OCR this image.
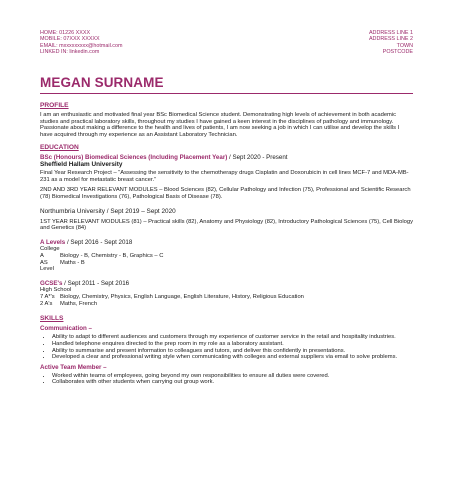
HOME: 01226 XXXX
MOBILE: 07XXX XXXXX
EMAIL: mxxxxxxxxx@hotmail.com
LINKED IN: linkedin.com
ADDRESS LINE 1
ADDRESS LINE 2
TOWN
POSTCODE
MEGAN SURNAME
PROFILE
I am an enthusiastic and motivated final year BSc Biomedical Science student. Demonstrating high levels of achievement in both academic studies and practical laboratory skills, throughout my studies I have gained a keen interest in the disciplines of pathology and immunology. Passionate about making a difference to the health and lives of patients, I am now seeking a job in which I can utilise and develop the skills I have acquired through my experience as an Assistant Laboratory Technician.
EDUCATION
BSc (Honours) Biomedical Sciences (Including Placement Year) / Sept 2020 - Present
Sheffield Hallam University
Final Year Research Project – “Assessing the sensitivity to the chemotherapy drugs Cisplatin and Doxorubicin in cell lines MCF-7 and MDA-MB-231 as a model for metastatic breast cancer.”
2ND AND 3RD YEAR RELEVANT MODULES – Blood Sciences (82), Cellular Pathology and Infection (75), Professional and Scientific Research (78) Biomedical Investigations (76), Pathological Basis of Disease (78).
Northumbria University / Sept 2019 – Sept 2020
1ST YEAR RELEVANT MODULES (81) – Practical skills (82), Anatomy and Physiology (82), Introductory Pathological Sciences (75), Cell Biology and Genetics (84)
A Levels / Sept 2016 - Sept 2018
College
A	Biology - B, Chemistry - B, Graphics – C
AS Level
Maths - B
GCSE's / Sept 2011 - Sept 2016
High School
7 A*'s Biology, Chemistry, Physics, English Language, English Literature, History, Religious Education
2 A's	Maths, French
SKILLS
Communication –
• Ability to adapt to different audiences and customers through my experience of customer service in the retail and hospitality industries.
• Handled telephone enquires directed to the prep room in my role as a laboratory assistant.
• Ability to summarise and present information to colleagues and tutors, and deliver this confidently in presentations.
• Developed a clear and professional writing style when communicating with colleges and external suppliers via email to solve problems.
Active Team Member –
• Worked within teams of employees, going beyond my own responsibilities to ensure all duties were covered.
• Collaborates with other students when carrying out group work.
